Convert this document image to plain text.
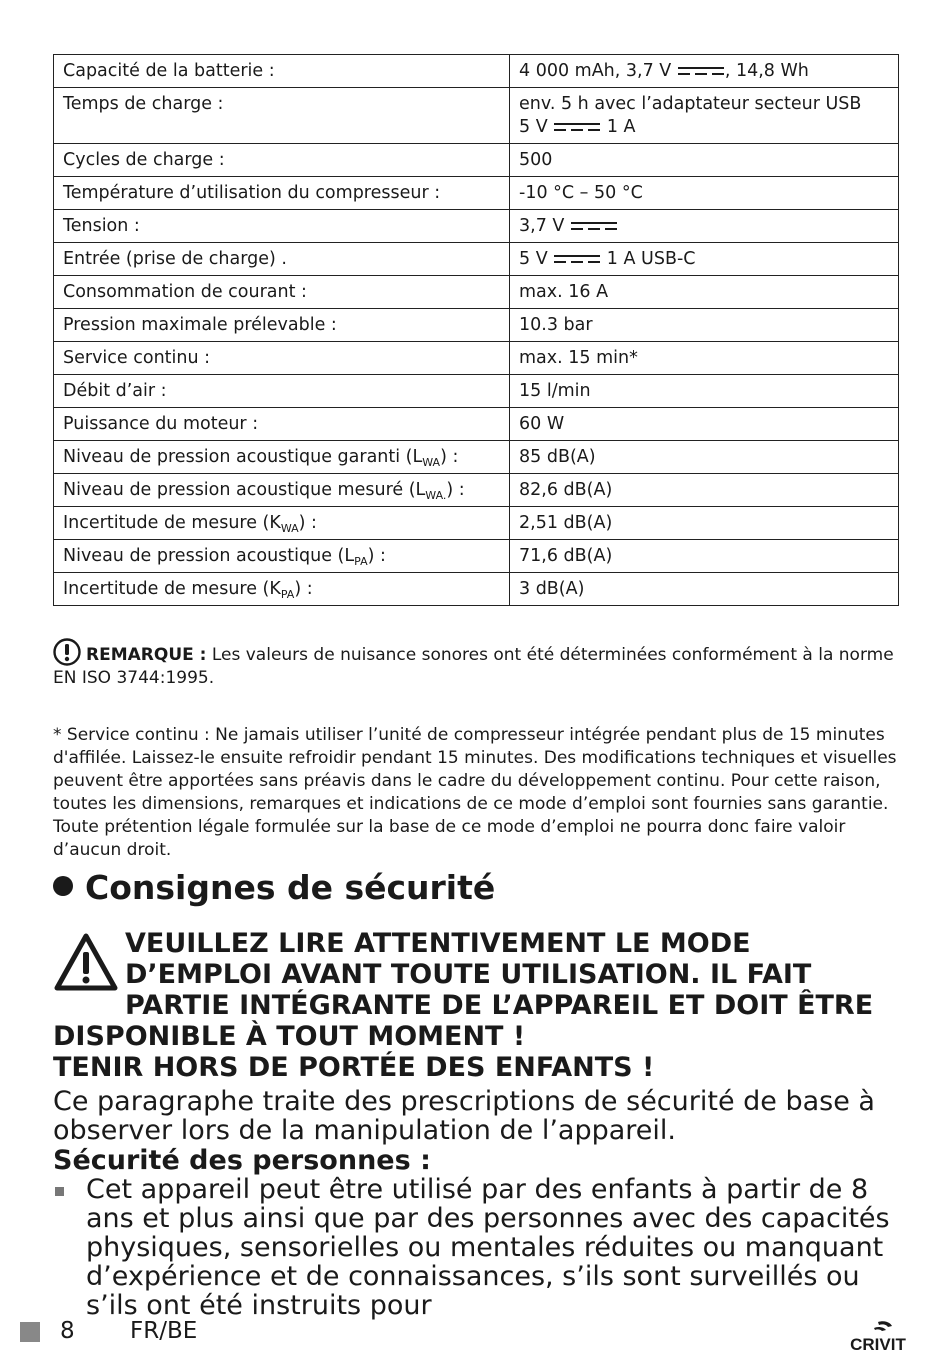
Capacité de la batterie :	4 000 mAh, 3,7 V , 14,8 Wh
Temps de charge :	env. 5 h avec l’adaptateur secteur USB
5 V 1 A
Cycles de charge :	500
Température d’utilisation du compresseur :	-10 °C – 50 °C
Tension :	3,7 V

Entrée (prise de charge) .	5 V 1 A USB-C
Consommation de courant :	max. 16 A
Pression maximale prélevable :	10.3 bar
Service continu :	max. 15 min*
Débit d’air :	15 l/min
Puissance du moteur :	60 W
Niveau de pression acoustique garanti $(L_{WA})$ :	85 dB(A)
Niveau de pression acoustique mesuré $(L_{WA.})$ :	82,6 dB(A)
Incertitude de mesure $(K_{WA})$ :	2,51 dB(A)
Niveau de pression acoustique $(L_{PA})$ :	71,6 dB(A)
Incertitude de mesure $(K_{PA})$ :	3 dB(A)
REMARQUE : Les valeurs de nuisance sonores ont été déterminées conformément à la norme EN ISO 3744:1995.
* Service continu : Ne jamais utiliser l’unité de compresseur intégrée pendant plus de 15 minutes d'affilée. Laissez-le ensuite refroidir pendant 15 minutes. Des modifications techniques et visuelles peuvent être apportées sans préavis dans le cadre du développement continu. Pour cette raison, toutes les dimensions, remarques et indications de ce mode d’emploi sont fournies sans garantie. Toute prétention légale formulée sur la base de ce mode d’emploi ne pourra donc faire valoir d’aucun droit.
Consignes de sécurité
VEUILLEZ LIRE ATTENTIVEMENT LE MODE D’EMPLOI AVANT TOUTE UTILISATION. IL FAIT PARTIE INTÉGRANTE DE L’APPAREIL ET DOIT ÊTRE DISPONIBLE À TOUT MOMENT !
TENIR HORS DE PORTÉE DES ENFANTS !
Ce paragraphe traite des prescriptions de sécurité de base à observer lors de la manipulation de l’appareil.
Sécurité des personnes :
Cet appareil peut être utilisé par des enfants à partir de 8 ans et plus ainsi que par des personnes avec des capacités physiques, sensorielles ou mentales réduites ou manquant d’expérience et de connaissances, s’ils sont surveillés ou s’ils ont été instruits pour
8 FR/BE
CRIVIT
